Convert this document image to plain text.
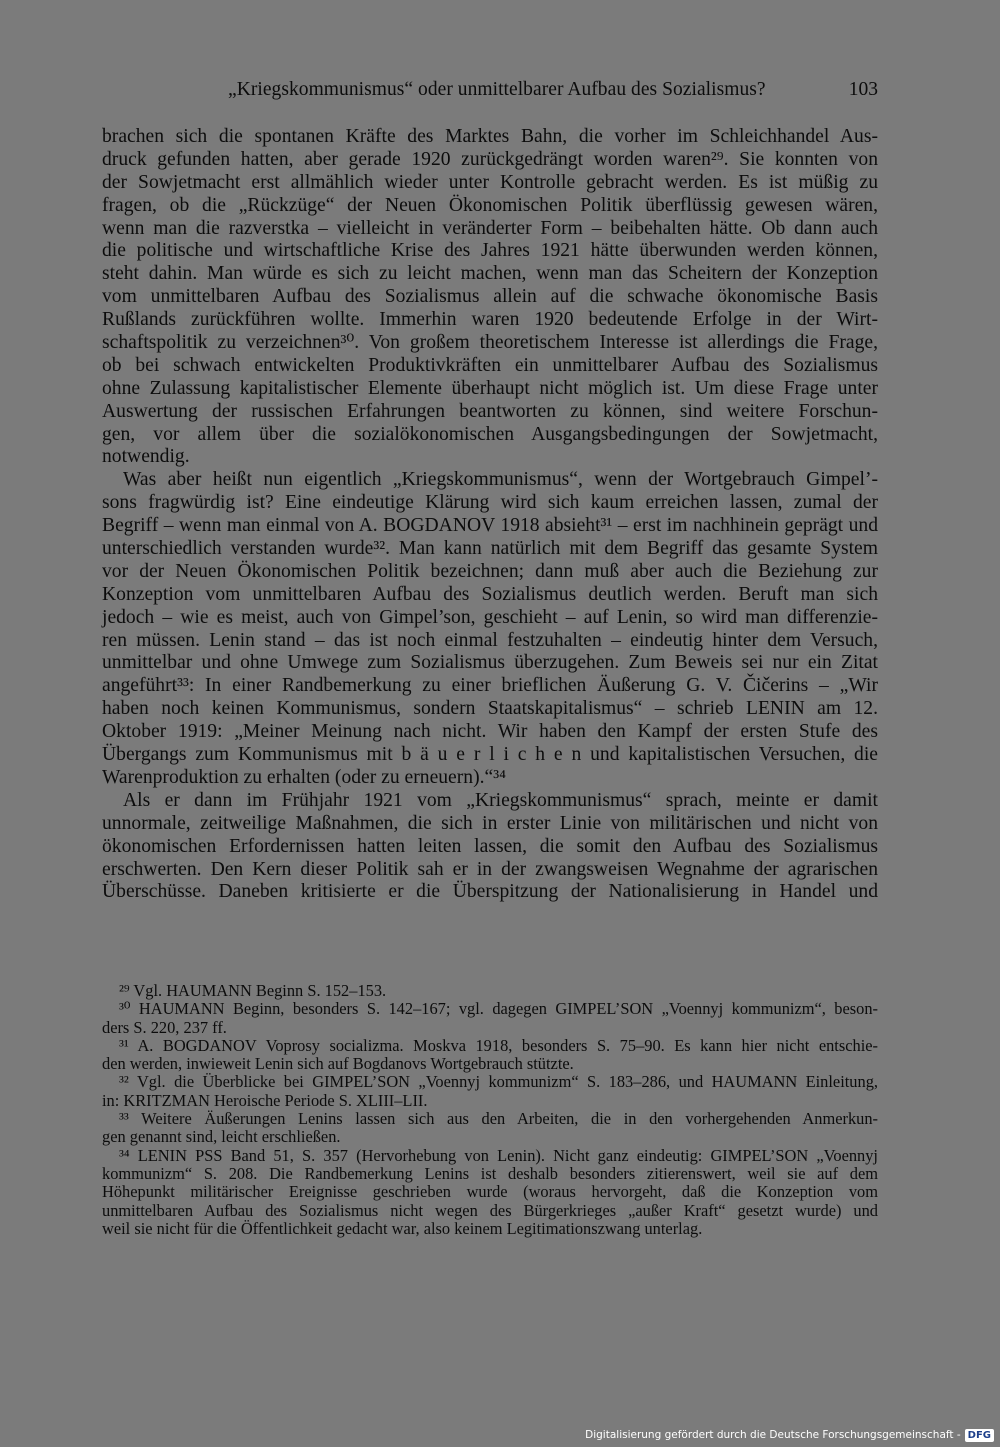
„Kriegskommunismus“ oder unmittelbarer Aufbau des Sozialismus?	103
brachen sich die spontanen Kräfte des Marktes Bahn, die vorher im Schleichhandel Aus-
druck gefunden hatten, aber gerade 1920 zurückgedrängt worden waren²⁹. Sie konnten von
der Sowjetmacht erst allmählich wieder unter Kontrolle gebracht werden. Es ist müßig zu
fragen, ob die „Rückzüge“ der Neuen Ökonomischen Politik überflüssig gewesen wären,
wenn man die razverstka – vielleicht in veränderter Form – beibehalten hätte. Ob dann auch
die politische und wirtschaftliche Krise des Jahres 1921 hätte überwunden werden können,
steht dahin. Man würde es sich zu leicht machen, wenn man das Scheitern der Konzeption
vom unmittelbaren Aufbau des Sozialismus allein auf die schwache ökonomische Basis
Rußlands zurückführen wollte. Immerhin waren 1920 bedeutende Erfolge in der Wirt-
schaftspolitik zu verzeichnen³⁰. Von großem theoretischem Interesse ist allerdings die Frage,
ob bei schwach entwickelten Produktivkräften ein unmittelbarer Aufbau des Sozialismus
ohne Zulassung kapitalistischer Elemente überhaupt nicht möglich ist. Um diese Frage unter
Auswertung der russischen Erfahrungen beantworten zu können, sind weitere Forschun-
gen, vor allem über die sozialökonomischen Ausgangsbedingungen der Sowjetmacht,
notwendig.
Was aber heißt nun eigentlich „Kriegskommunismus“, wenn der Wortgebrauch Gimpel’-
sons fragwürdig ist? Eine eindeutige Klärung wird sich kaum erreichen lassen, zumal der
Begriff – wenn man einmal von A. BOGDANOV 1918 absieht³¹ – erst im nachhinein geprägt und
unterschiedlich verstanden wurde³². Man kann natürlich mit dem Begriff das gesamte System
vor der Neuen Ökonomischen Politik bezeichnen; dann muß aber auch die Beziehung zur
Konzeption vom unmittelbaren Aufbau des Sozialismus deutlich werden. Beruft man sich
jedoch – wie es meist, auch von Gimpel’son, geschieht – auf Lenin, so wird man differenzie-
ren müssen. Lenin stand – das ist noch einmal festzuhalten – eindeutig hinter dem Versuch,
unmittelbar und ohne Umwege zum Sozialismus überzugehen. Zum Beweis sei nur ein Zitat
angeführt³³: In einer Randbemerkung zu einer brieflichen Äußerung G. V. Čičerins – „Wir
haben noch keinen Kommunismus, sondern Staatskapitalismus“ – schrieb LENIN am 12.
Oktober 1919: „Meiner Meinung nach nicht. Wir haben den Kampf der ersten Stufe des
Übergangs zum Kommunismus mit b ä u e r l i c h e n und kapitalistischen Versuchen, die
Warenproduktion zu erhalten (oder zu erneuern).“³⁴
Als er dann im Frühjahr 1921 vom „Kriegskommunismus“ sprach, meinte er damit
unnormale, zeitweilige Maßnahmen, die sich in erster Linie von militärischen und nicht von
ökonomischen Erfordernissen hatten leiten lassen, die somit den Aufbau des Sozialismus
erschwerten. Den Kern dieser Politik sah er in der zwangsweisen Wegnahme der agrarischen
Überschüsse. Daneben kritisierte er die Überspitzung der Nationalisierung in Handel und
²⁹ Vgl. HAUMANN Beginn S. 152–153.
³⁰ HAUMANN Beginn, besonders S. 142–167; vgl. dagegen GIMPEL’SON „Voennyj kommunizm“, beson-
ders S. 220, 237 ff.
³¹ A. BOGDANOV Voprosy socializma. Moskva 1918, besonders S. 75–90. Es kann hier nicht entschie-
den werden, inwieweit Lenin sich auf Bogdanovs Wortgebrauch stützte.
³² Vgl. die Überblicke bei GIMPEL’SON „Voennyj kommunizm“ S. 183–286, und HAUMANN Einleitung,
in: KRITZMAN Heroische Periode S. XLIII–LII.
³³ Weitere Äußerungen Lenins lassen sich aus den Arbeiten, die in den vorhergehenden Anmerkun-
gen genannt sind, leicht erschließen.
³⁴ LENIN PSS Band 51, S. 357 (Hervorhebung von Lenin). Nicht ganz eindeutig: GIMPEL’SON „Voennyj
kommunizm“ S. 208. Die Randbemerkung Lenins ist deshalb besonders zitierenswert, weil sie auf dem
Höhepunkt militärischer Ereignisse geschrieben wurde (woraus hervorgeht, daß die Konzeption vom
unmittelbaren Aufbau des Sozialismus nicht wegen des Bürgerkrieges „außer Kraft“ gesetzt wurde) und
weil sie nicht für die Öffentlichkeit gedacht war, also keinem Legitimationszwang unterlag.
Digitalisierung gefördert durch die Deutsche Forschungsgemeinschaft - DFG
